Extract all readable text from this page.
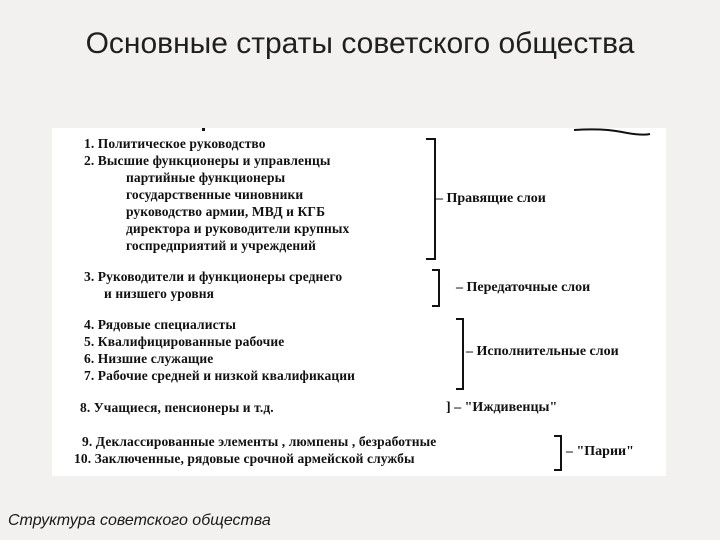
Основные страты советского общества
1. Политическое руководство
2. Высшие функционеры и управленцы
партийные функционеры
государственные чиновники
руководство армии, МВД и КГБ
директора и руководители крупных
госпредприятий и учреждений
– Правящие слои
3. Руководители и функционеры среднего
и низшего уровня	– Передаточные слои
4. Рядовые специалисты
5. Квалифицированные рабочие
6. Низшие служащие
7. Рабочие средней и низкой квалификации
– Исполнительные слои
8. Учащиеся, пенсионеры и т.д.	] – "Иждивенцы"
9. Деклассированные элементы , люмпены , безработные
10. Заключенные, рядовые срочной армейской службы	– "Парии"
Структура советского общества
